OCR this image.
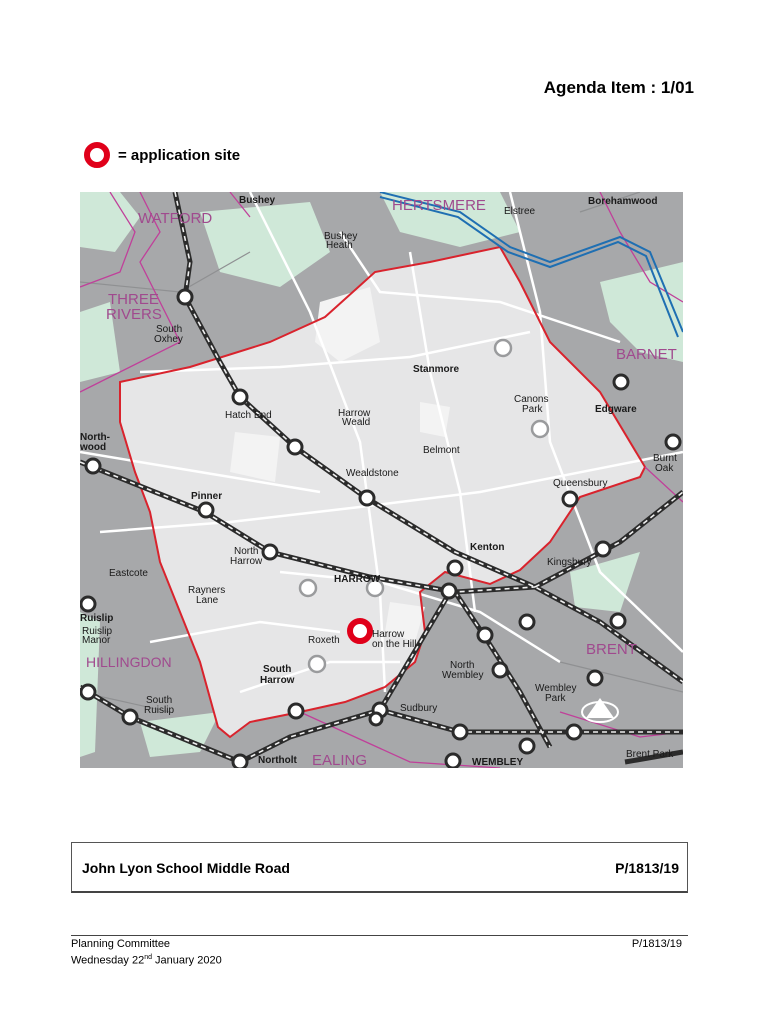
Agenda Item : 1/01
= application site
Bushey
WATFORD
HERTSMERE Elstree
Borehamwood
Bushey
Heath
THREE
RIVERS
South
Oxhey
BARNET
Stanmore
Canons
Park	Edgware
Hatch End	Harrow
Weald
North-
wood	Belmont
Burnt
Oak
Wealdstone
Queensbury
Pinner
Kenton
North
Harrow	Kingsbury
Eastcote
HARROW
Rayners
Lane
Ruislip
Ruislip
Manor	Roxeth
Harrow
on the Hill	BRENT
HILLINGDON	South
Harrow
North
Wembley
Wembley
Park
South
Ruislip	Sudbury
Brent Park
Northolt EALING	WEMBLEY
John Lyon School Middle Road	P/1813/19
Planning Committee
Wednesday 22nd January 2020
P/1813/19
